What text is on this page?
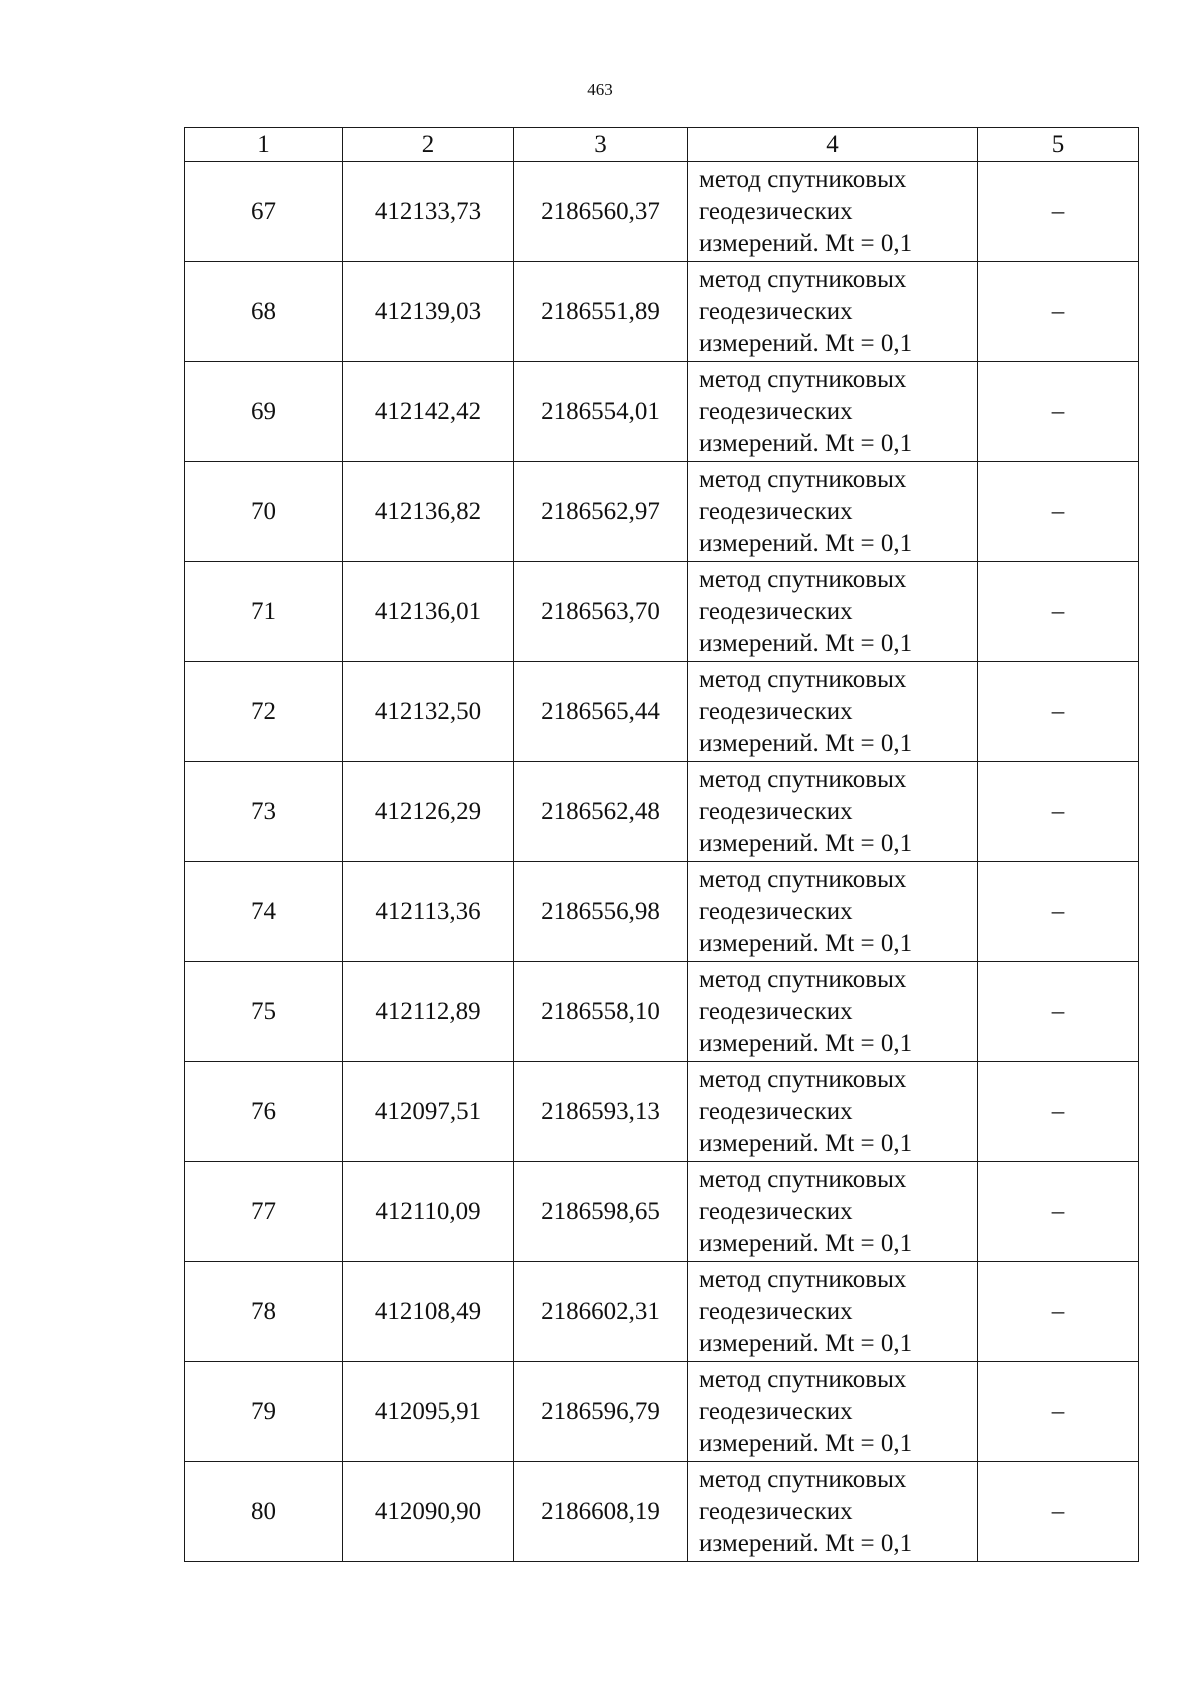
463
1	2	3	4	5
67	412133,73	2186560,37	метод спутниковых
геодезических
измерений. Mt = 0,1	–
68	412139,03	2186551,89	метод спутниковых
геодезических
измерений. Mt = 0,1	–
69	412142,42	2186554,01	метод спутниковых
геодезических
измерений. Mt = 0,1	–
70	412136,82	2186562,97	метод спутниковых
геодезических
измерений. Mt = 0,1	–
71	412136,01	2186563,70	метод спутниковых
геодезических
измерений. Mt = 0,1	–
72	412132,50	2186565,44	метод спутниковых
геодезических
измерений. Mt = 0,1	–
73	412126,29	2186562,48	метод спутниковых
геодезических
измерений. Mt = 0,1	–
74	412113,36	2186556,98	метод спутниковых
геодезических
измерений. Mt = 0,1	–
75	412112,89	2186558,10	метод спутниковых
геодезических
измерений. Mt = 0,1	–
76	412097,51	2186593,13	метод спутниковых
геодезических
измерений. Mt = 0,1	–
77	412110,09	2186598,65	метод спутниковых
геодезических
измерений. Mt = 0,1	–
78	412108,49	2186602,31	метод спутниковых
геодезических
измерений. Mt = 0,1	–
79	412095,91	2186596,79	метод спутниковых
геодезических
измерений. Mt = 0,1	–
80	412090,90	2186608,19	метод спутниковых
геодезических
измерений. Mt = 0,1	–
